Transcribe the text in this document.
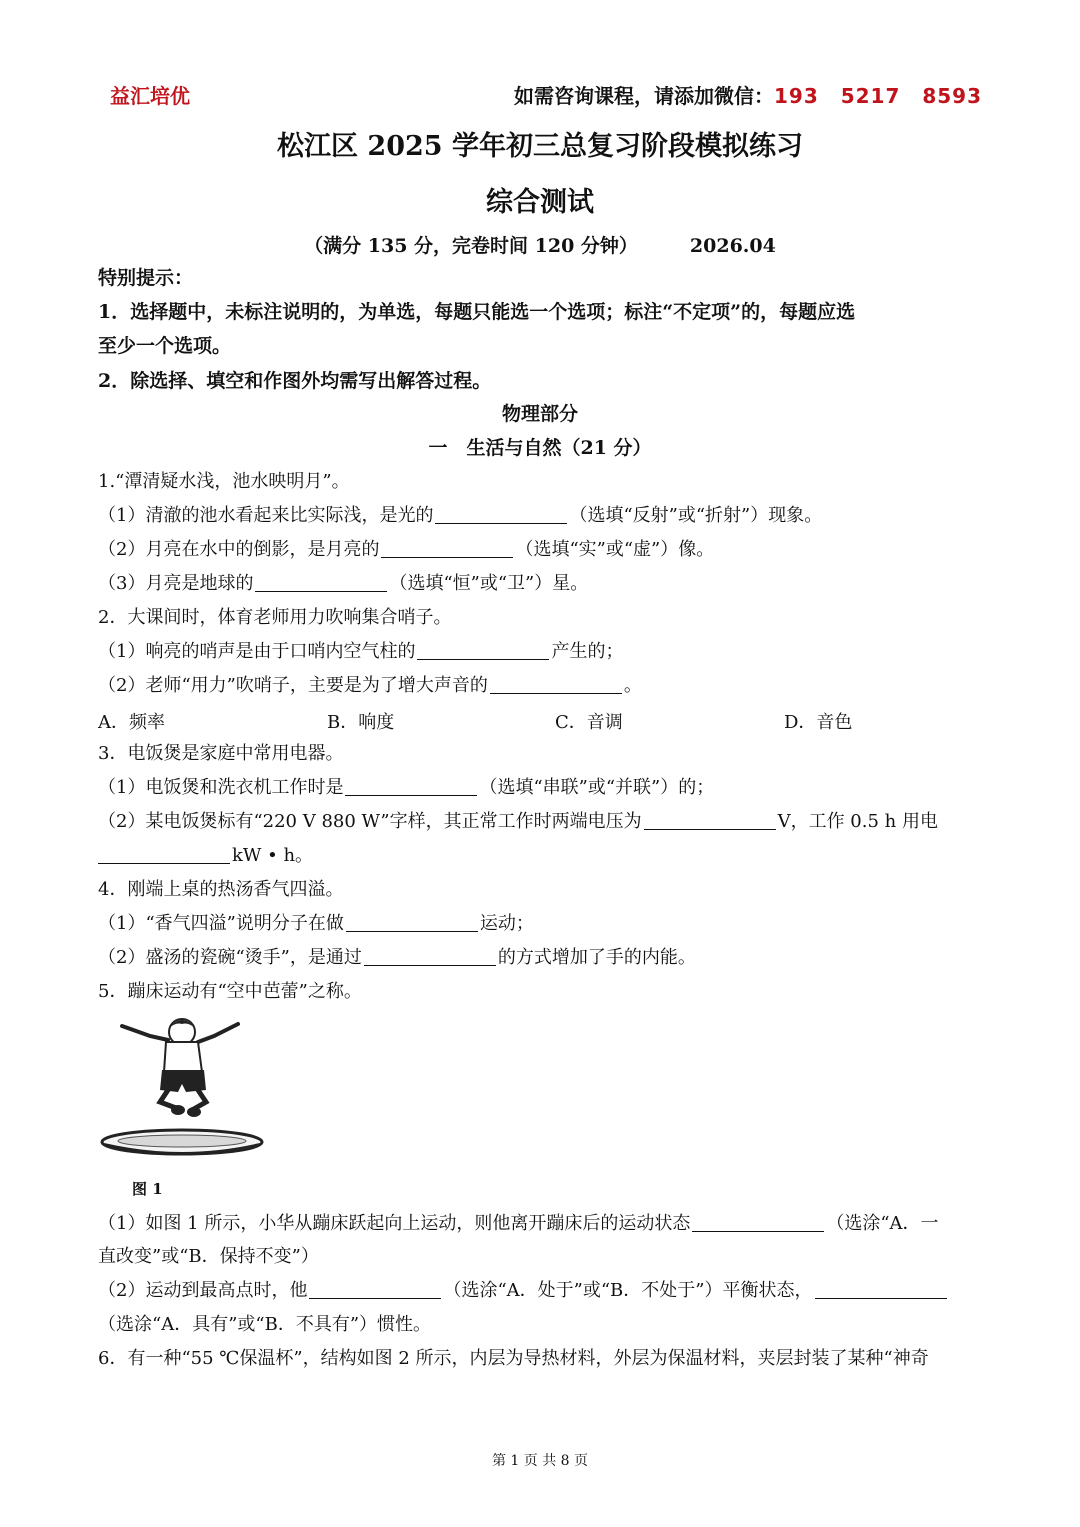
益汇培优	如需咨询课程，请添加微信：193 5217 8593
松江区 2025 学年初三总复习阶段模拟练习
综合测试
（满分 135 分，完卷时间 120 分钟）	2026.04
特别提示：
1．选择题中，未标注说明的，为单选，每题只能选一个选项；标注“不定项”的，每题应选
至少一个选项。
2．除选择、填空和作图外均需写出解答过程。
物理部分
一　生活与自然（21 分）
1.“潭清疑水浅，池水映明月”。
（1）清澈的池水看起来比实际浅，是光的	（选填“反射”或“折射”）现象。
（2）月亮在水中的倒影，是月亮的	（选填“实”或“虚”）像。
（3）月亮是地球的	（选填“恒”或“卫”）星。
2．大课间时，体育老师用力吹响集合哨子。
（1）响亮的哨声是由于口哨内空气柱的	产生的；
（2）老师“用力”吹哨子，主要是为了增大声音的	。
A．频率	B．响度	C．音调	D．音色
3．电饭煲是家庭中常用电器。
（1）电饭煲和洗衣机工作时是	（选填“串联”或“并联”）的；
（2）某电饭煲标有“220 V 880 W”字样，其正常工作时两端电压为	V，工作 0.5 h 用电
kW • h。
4．刚端上桌的热汤香气四溢。
（1）“香气四溢”说明分子在做	运动；
（2）盛汤的瓷碗“烫手”，是通过	的方式增加了手的内能。
5．蹦床运动有“空中芭蕾”之称。
图 1
（1）如图 1 所示，小华从蹦床跃起向上运动，则他离开蹦床后的运动状态	（选涂“A．一
直改变”或“B．保持不变”）
（2）运动到最高点时，他	（选涂“A．处于”或“B．不处于”）平衡状态，
（选涂“A．具有”或“B．不具有”）惯性。
6．有一种“55 ℃保温杯”，结构如图 2 所示，内层为导热材料，外层为保温材料，夹层封装了某种“神奇
第 1 页 共 8 页
